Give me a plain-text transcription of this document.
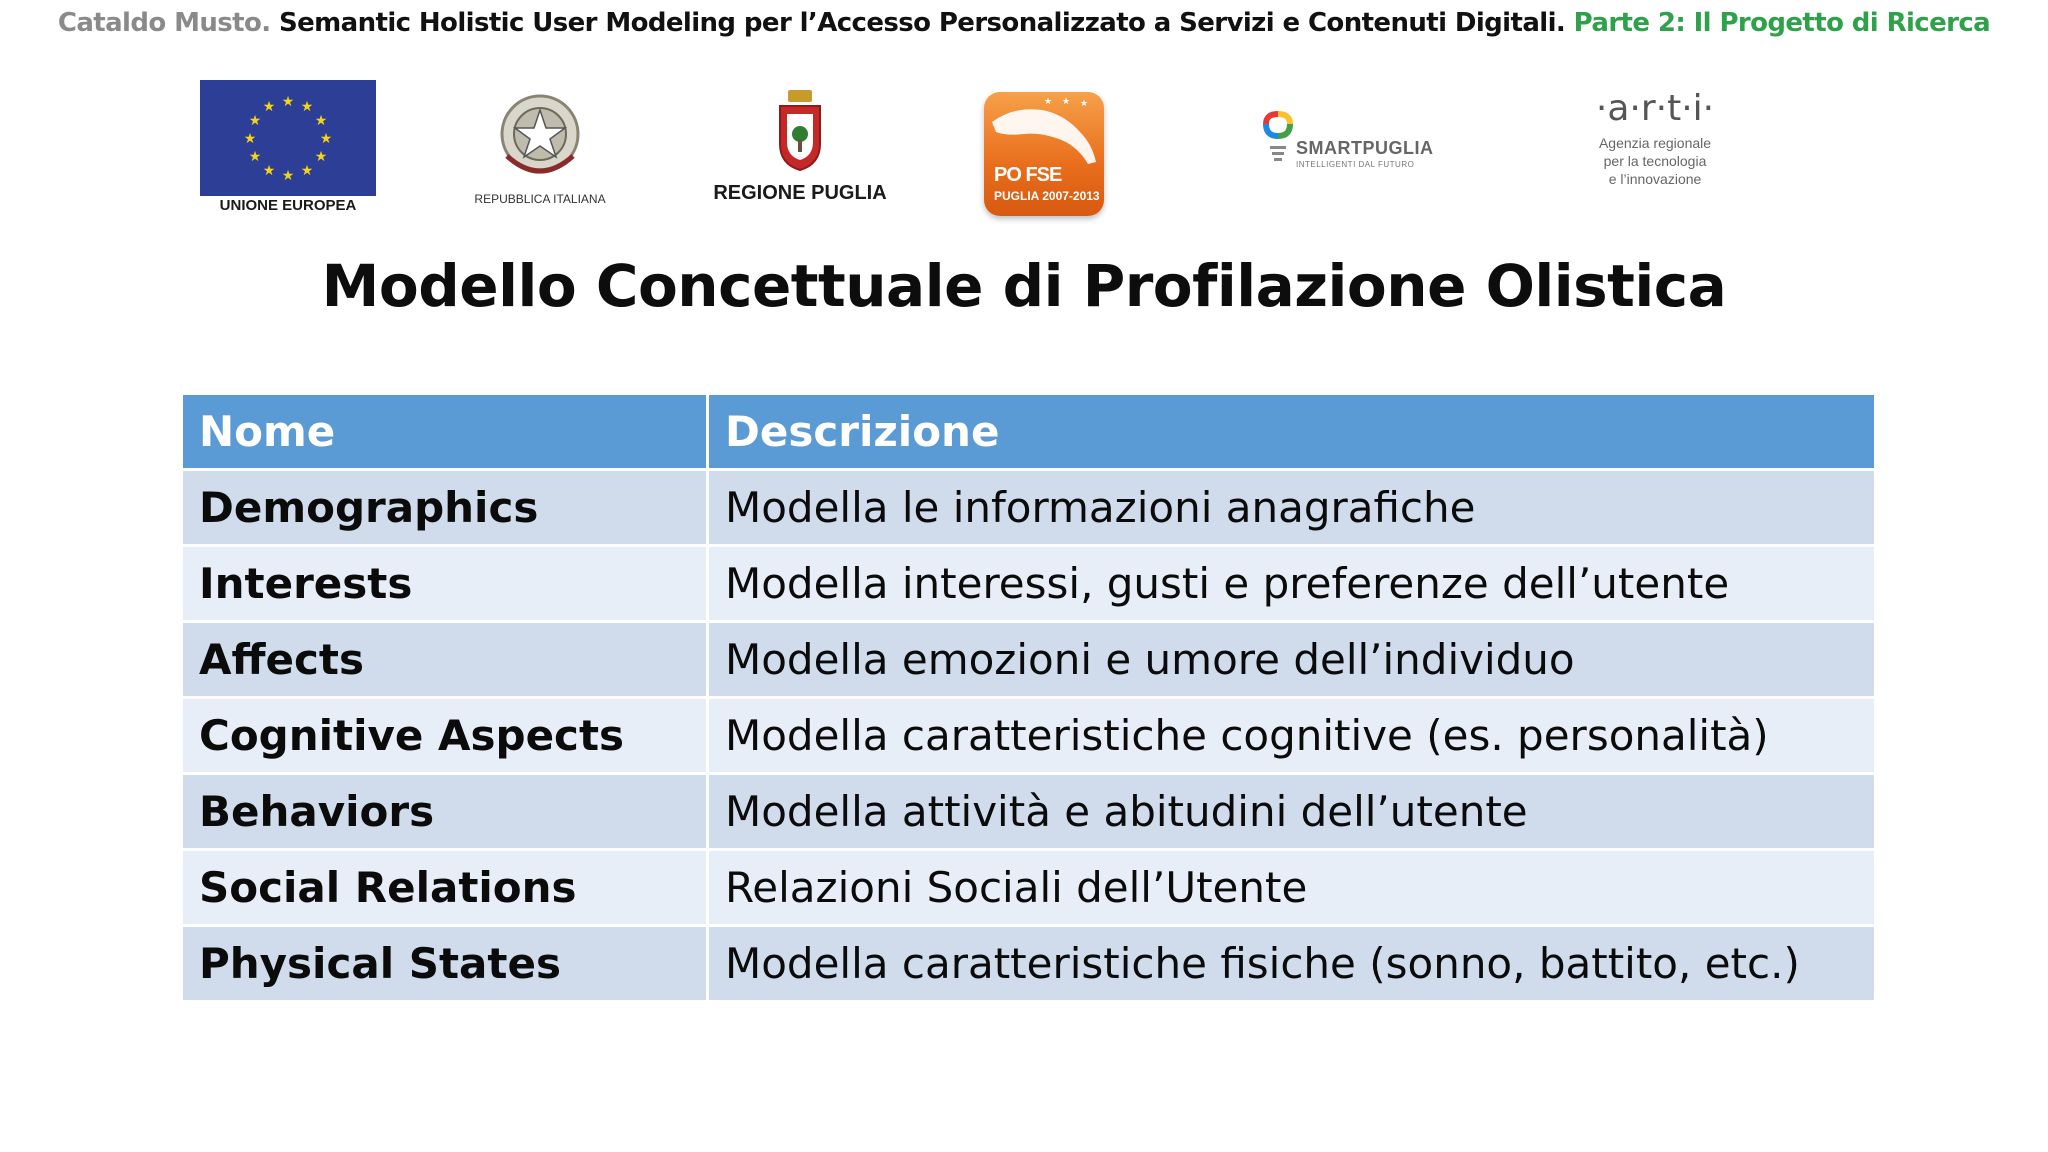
Cataldo Musto. Semantic Holistic User Modeling per l’Accesso Personalizzato a Servizi e Contenuti Digitali. Parte 2: Il Progetto di Ricerca
★ ★
★
★
★
★
★
★
★
★
★
★
UNIONE EUROPEA	REPUBBLICA ITALIANA	REGIONE PUGLIA
★ ★ ★
PO FSE
PUGLIA 2007-2013
SMARTPUGLIA
INTELLIGENTI DAL FUTURO
·a·r·t·i·
Agenzia regionale
per la tecnologia
e l’innovazione
Modello Concettuale di Profilazione Olistica
Nome	Descrizione
Demographics	Modella le informazioni anagrafiche
Interests	Modella interessi, gusti e preferenze dell’utente
Affects	Modella emozioni e umore dell’individuo
Cognitive Aspects	Modella caratteristiche cognitive (es. personalità)
Behaviors	Modella attività e abitudini dell’utente
Social Relations	Relazioni Sociali dell’Utente
Physical States	Modella caratteristiche fisiche (sonno, battito, etc.)
